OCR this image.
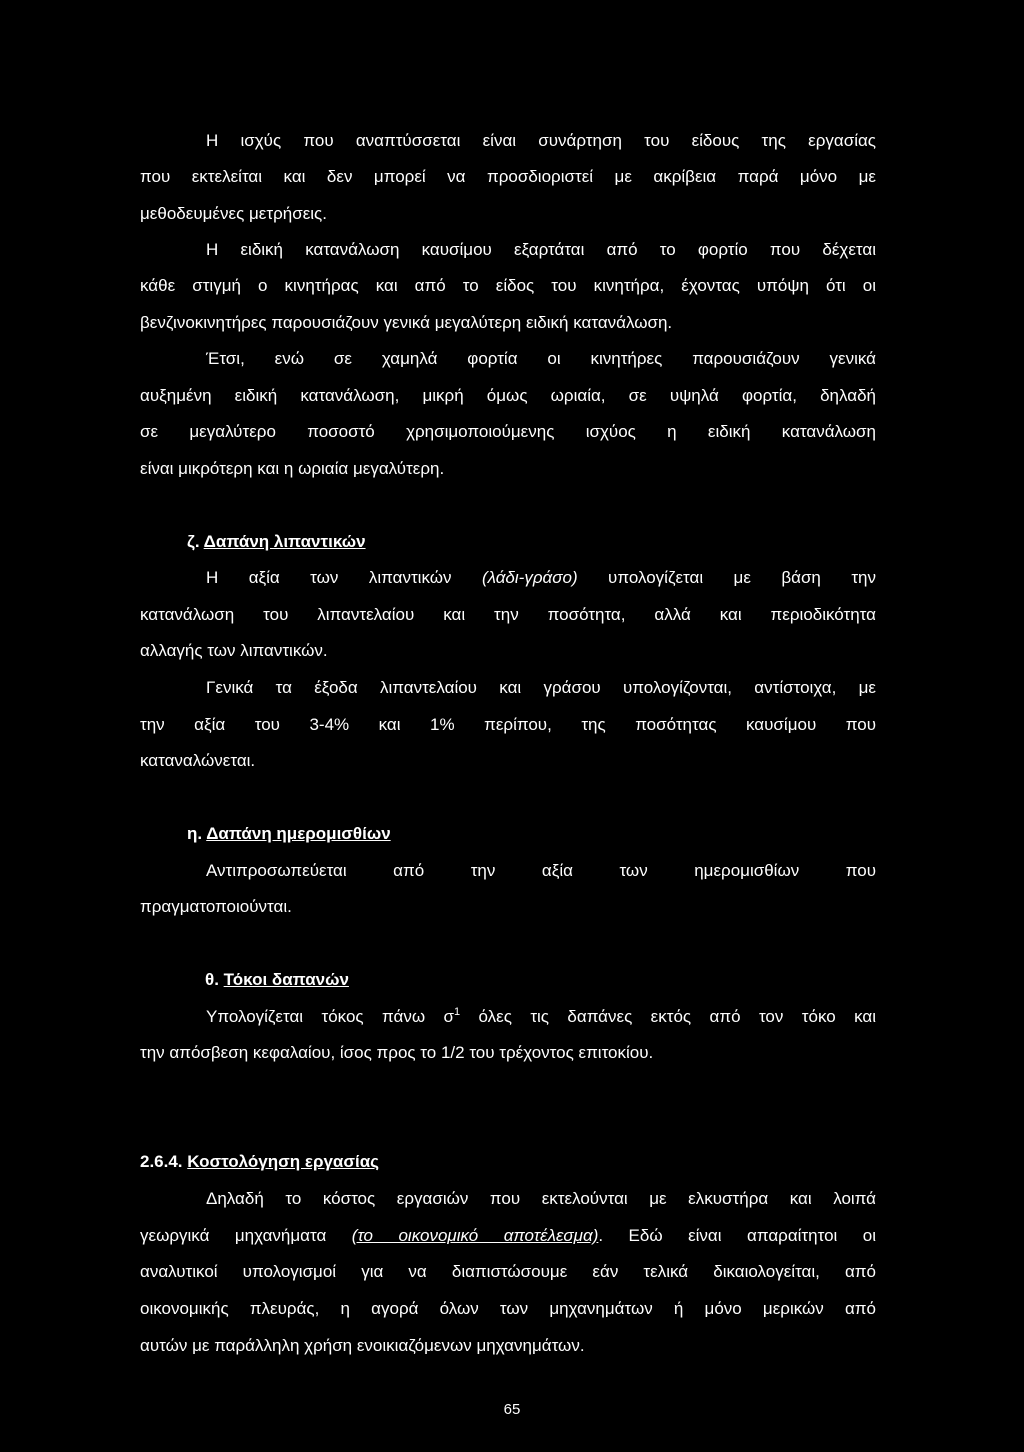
Η ισχύς που αναπτύσσεται είναι συνάρτηση του είδους της εργασίας
που εκτελείται και δεν μπορεί να προσδιοριστεί με ακρίβεια παρά μόνο με
μεθοδευμένες μετρήσεις.
Η ειδική κατανάλωση καυσίμου εξαρτάται από το φορτίο που δέχεται
κάθε στιγμή ο κινητήρας και από το είδος του κινητήρα, έχοντας υπόψη ότι οι
βενζινοκινητήρες παρουσιάζουν γενικά μεγαλύτερη ειδική κατανάλωση.
Έτσι, ενώ σε χαμηλά φορτία οι κινητήρες παρουσιάζουν γενικά
αυξημένη ειδική κατανάλωση, μικρή όμως ωριαία, σε υψηλά φορτία, δηλαδή
σε μεγαλύτερο ποσοστό χρησιμοποιούμενης ισχύος η ειδική κατανάλωση
είναι μικρότερη και η ωριαία μεγαλύτερη.
ζ. Δαπάνη λιπαντικών
Η αξία των λιπαντικών (λάδι-γράσο) υπολογίζεται με βάση την
κατανάλωση του λιπαντελαίου και την ποσότητα, αλλά και περιοδικότητα
αλλαγής των λιπαντικών.
Γενικά τα έξοδα λιπαντελαίου και γράσου υπολογίζονται, αντίστοιχα, με
την αξία του 3-4% και 1% περίπου, της ποσότητας καυσίμου που
καταναλώνεται.
η. Δαπάνη ημερομισθίων
Αντιπροσωπεύεται από την αξία των ημερομισθίων που
πραγματοποιούνται.
θ. Τόκοι δαπανών
Υπολογίζεται τόκος πάνω $\sigma^1$ όλες τις δαπάνες εκτός από τον τόκο και
την απόσβεση κεφαλαίου, ίσος προς το 1/2 του τρέχοντος επιτοκίου.
2.6.4. Κοστολόγηση εργασίας
Δηλαδή το κόστος εργασιών που εκτελούνται με ελκυστήρα και λοιπά
γεωργικά μηχανήματα (το οικονομικό αποτέλεσμα). Εδώ είναι απαραίτητοι οι
αναλυτικοί υπολογισμοί για να διαπιστώσουμε εάν τελικά δικαιολογείται, από
οικονομικής πλευράς, η αγορά όλων των μηχανημάτων ή μόνο μερικών από
αυτών με παράλληλη χρήση ενοικιαζόμενων μηχανημάτων.
65
